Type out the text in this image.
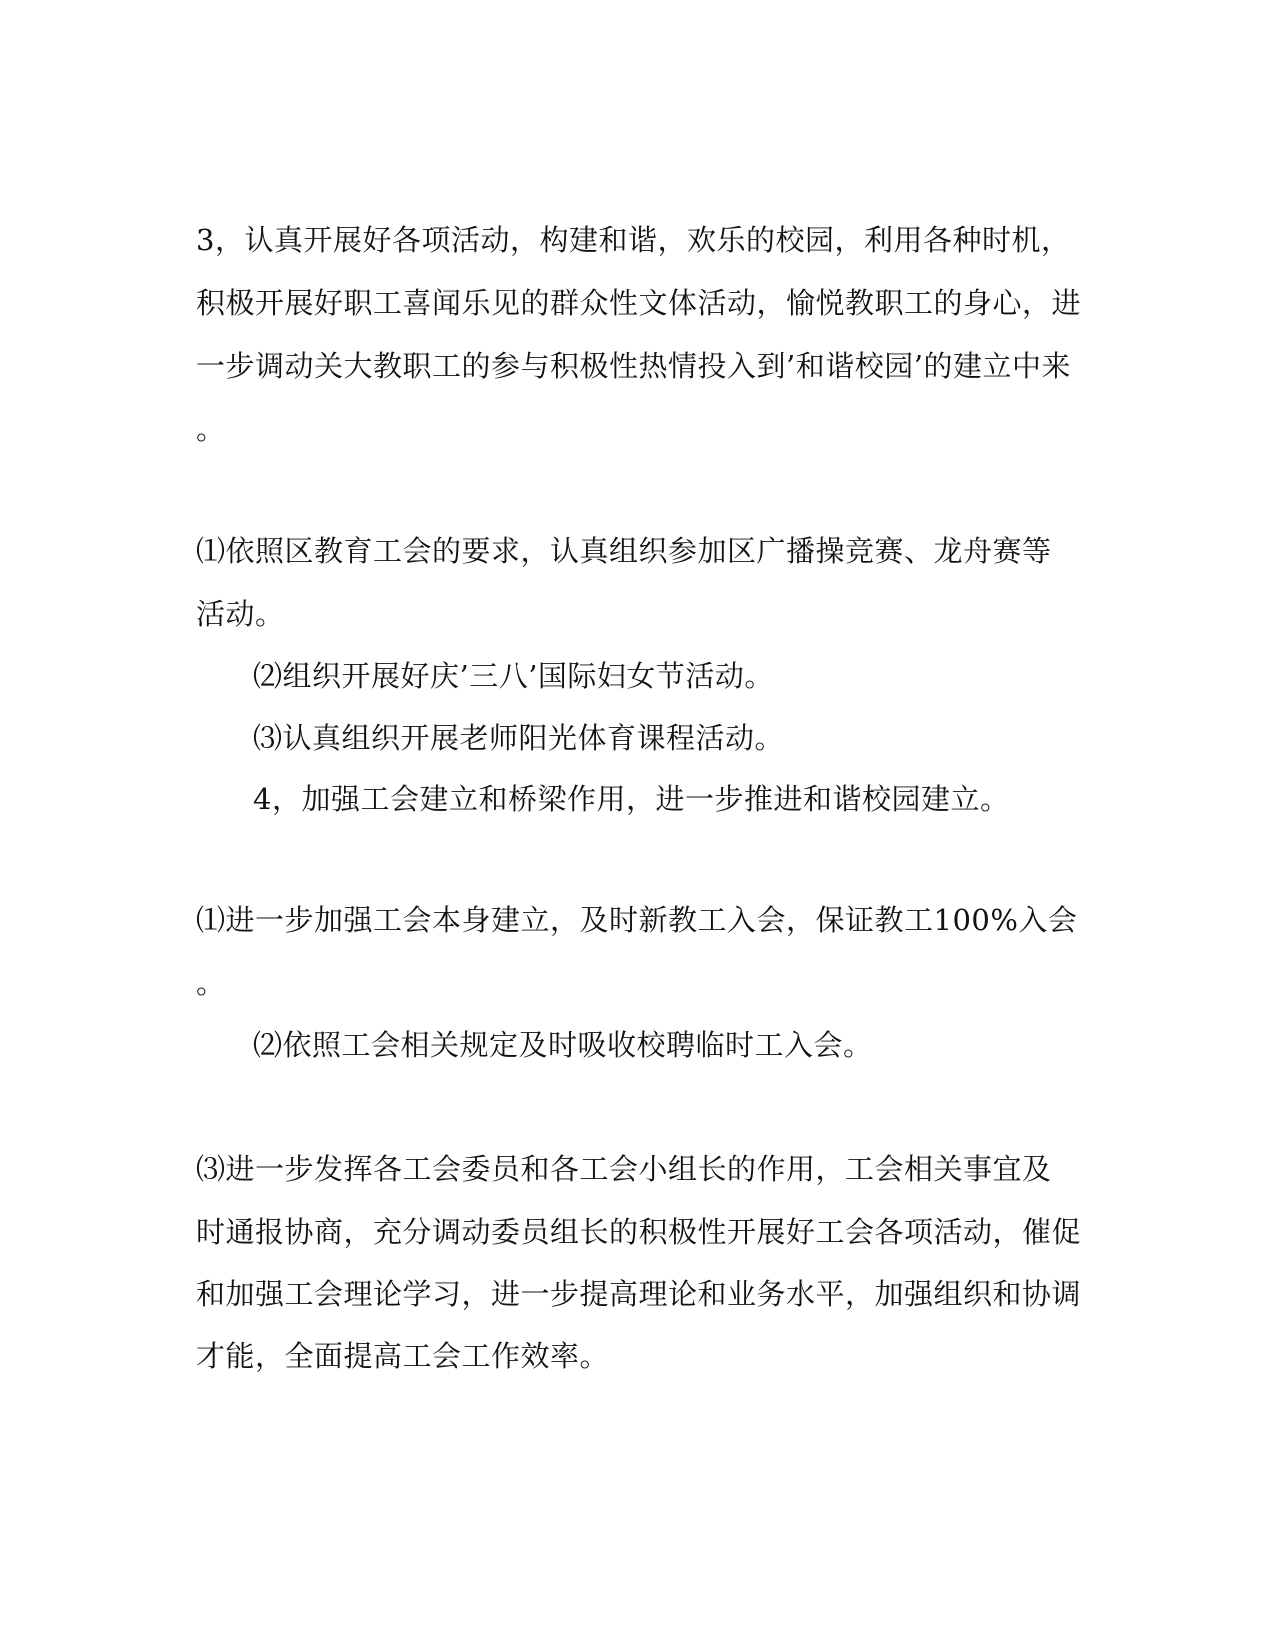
3，认真开展好各项活动，构建和谐，欢乐的校园，利用各种时机，
积极开展好职工喜闻乐见的群众性文体活动，愉悦教职工的身心，进
一步调动关大教职工的参与积极性热情投入到’和谐校园’的建立中来
。
⑴依照区教育工会的要求，认真组织参加区广播操竞赛、龙舟赛等
活动。
⑵组织开展好庆’三八’国际妇女节活动。
⑶认真组织开展老师阳光体育课程活动。
4，加强工会建立和桥梁作用，进一步推进和谐校园建立。
⑴进一步加强工会本身建立，及时新教工入会，保证教工100%入会
。
⑵依照工会相关规定及时吸收校聘临时工入会。
⑶进一步发挥各工会委员和各工会小组长的作用，工会相关事宜及
时通报协商，充分调动委员组长的积极性开展好工会各项活动，催促
和加强工会理论学习，进一步提高理论和业务水平，加强组织和协调
才能，全面提高工会工作效率。
